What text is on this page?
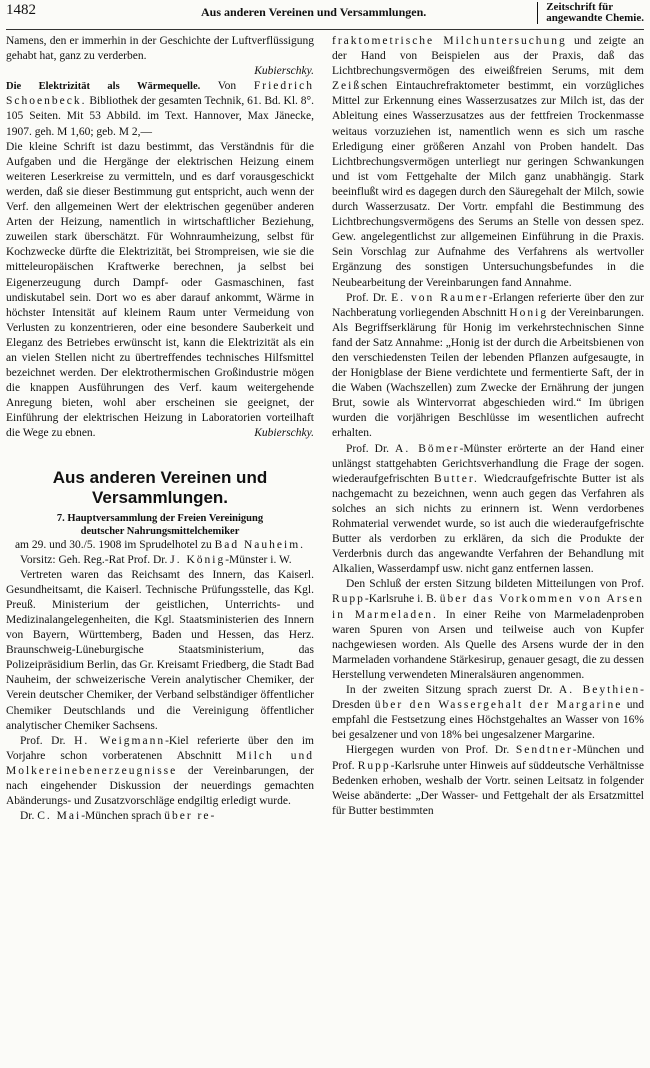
1482	Aus anderen Vereinen und Versammlungen.	Zeitschrift für
angewandte Chemie.

Namens, den er immerhin in der Geschichte der Luftverflüssigung gehabt hat, ganz zu verderben.

Kubierschky.

Die Elektrizität als Wärmequelle. Von Friedrich Schoenbeck. Bibliothek der gesamten Technik, 61. Bd. Kl. 8°. 105 Seiten. Mit 53 Abbild. im Text. Hannover, Max Jänecke, 1907. geh. M 1,60; geb. M 2,—

Die kleine Schrift ist dazu bestimmt, das Verständnis für die Aufgaben und die Hergänge der elektrischen Heizung einem weiteren Leserkreise zu vermitteln, und es darf vorausgeschickt werden, daß sie dieser Bestimmung gut entspricht, auch wenn der Verf. den allgemeinen Wert der elektrischen gegenüber anderen Arten der Heizung, namentlich in wirtschaftlicher Beziehung, zuweilen stark überschätzt. Für Wohnraumheizung, selbst für Kochzwecke dürfte die Elektrizität, bei Strompreisen, wie sie die mitteleuropäischen Kraftwerke berechnen, ja selbst bei Eigenerzeugung durch Dampf- oder Gasmaschinen, fast undiskutabel sein. Dort wo es aber darauf ankommt, Wärme in höchster Intensität auf kleinem Raum unter Vermeidung von Verlusten zu konzentrieren, oder eine besondere Sauberkeit und Eleganz des Betriebes erwünscht ist, kann die Elektrizität als ein an vielen Stellen nicht zu übertreffendes technisches Hilfsmittel bezeichnet werden. Der elektrothermischen Großindustrie mögen die knappen Ausführungen des Verf. kaum weitergehende Anregung bieten, wohl aber erscheinen sie geeignet, der Einführung der elektrischen Heizung in Laboratorien vorteilhaft die Wege zu ebnen.	Kubierschky.

Aus anderen Vereinen und Versammlungen.
7. Hauptversammlung der Freien Vereinigung
deutscher Nahrungsmittelchemiker

am 29. und 30./5. 1908 im Sprudelhotel zu Bad Nauheim.

Vorsitz: Geh. Reg.-Rat Prof. Dr. J. König-Münster i. W.

Vertreten waren das Reichsamt des Innern, das Kaiserl. Gesundheitsamt, die Kaiserl. Technische Prüfungsstelle, das Kgl. Preuß. Ministerium der geistlichen, Unterrichts- und Medizinalangelegenheiten, die Kgl. Staatsministerien des Innern von Bayern, Württemberg, Baden und Hessen, das Herz. Braunschweig-Lüneburgische Staatsministerium, das Polizeipräsidium Berlin, das Gr. Kreisamt Friedberg, die Stadt Bad Nauheim, der schweizerische Verein analytischer Chemiker, der Verein deutscher Chemiker, der Verband selbständiger öffentlicher Chemiker Deutschlands und die Vereinigung öffentlicher analytischer Chemiker Sachsens.

Prof. Dr. H. Weigmann-Kiel referierte über den im Vorjahre schon vorberatenen Abschnitt Milch und Molkereinebenerzeugnisse der Vereinbarungen, der nach eingehender Diskussion der neuerdings gemachten Abänderungs- und Zusatzvorschläge endgiltig erledigt wurde.

Dr. C. Mai-München sprach über re-

fraktometrische Milchuntersuchung und zeigte an der Hand von Beispielen aus der Praxis, daß das Lichtbrechungsvermögen des eiweißfreien Serums, mit dem Zeißschen Eintauchrefraktometer bestimmt, ein vorzügliches Mittel zur Erkennung eines Wasserzusatzes zur Milch ist, das der Ableitung eines Wasserzusatzes aus der fettfreien Trockenmasse weitaus vorzuziehen ist, namentlich wenn es sich um rasche Erledigung einer größeren Anzahl von Proben handelt. Das Lichtbrechungsvermögen unterliegt nur geringen Schwankungen und ist vom Fettgehalte der Milch ganz unabhängig. Stark beeinflußt wird es dagegen durch den Säuregehalt der Milch, sowie durch Wasserzusatz. Der Vortr. empfahl die Bestimmung des Lichtbrechungsvermögens des Serums an Stelle von dessen spez. Gew. angelegentlichst zur allgemeinen Einführung in die Praxis. Sein Vorschlag zur Aufnahme des Verfahrens als wertvoller Ergänzung des sonstigen Untersuchungsbefundes in die Neubearbeitung der Vereinbarungen fand Annahme.

Prof. Dr. E. von Raumer-Erlangen referierte über den zur Nachberatung vorliegenden Abschnitt Honig der Vereinbarungen. Als Begriffserklärung für Honig im verkehrstechnischen Sinne fand der Satz Annahme: „Honig ist der durch die Arbeitsbienen von den verschiedensten Teilen der lebenden Pflanzen aufgesaugte, in der Honigblase der Biene verdichtete und fermentierte Saft, der in die Waben (Wachszellen) zum Zwecke der Ernährung der jungen Brut, sowie als Wintervorrat abgeschieden wird.“ Im übrigen wurden die vorjährigen Beschlüsse im wesentlichen aufrecht erhalten.

Prof. Dr. A. Bömer-Münster erörterte an der Hand einer unlängst stattgehabten Gerichtsverhandlung die Frage der sogen. wiederaufgefrischten Butter. Wiedcraufgefrischte Butter ist als nachgemacht zu bezeichnen, wenn auch gegen das Verfahren als solches an sich nichts zu erinnern ist. Wenn verdorbenes Rohmaterial verwendet wurde, so ist auch die wiederaufgefrischte Butter als verdorben zu erklären, da sich die Produkte der Verderbnis durch das angewandte Verfahren der Behandlung mit Alkalien, Wasserdampf usw. nicht ganz entfernen lassen.

Den Schluß der ersten Sitzung bildeten Mitteilungen von Prof. Rupp-Karlsruhe i. B. über das Vorkommen von Arsen in Marmeladen. In einer Reihe von Marmeladenproben waren Spuren von Arsen und teilweise auch von Kupfer nachgewiesen worden. Als Quelle des Arsens wurde der in den Marmeladen vorhandene Stärkesirup, genauer gesagt, die zu dessen Herstellung verwendeten Mineralsäuren angenommen.

In der zweiten Sitzung sprach zuerst Dr. A. Beythien-Dresden über den Wassergehalt der Margarine und empfahl die Festsetzung eines Höchstgehaltes an Wasser von 16% bei gesalzener und von 18% bei ungesalzener Margarine.

Hiergegen wurden von Prof. Dr. Sendtner-München und Prof. Rupp-Karlsruhe unter Hinweis auf süddeutsche Verhältnisse Bedenken erhoben, weshalb der Vortr. seinen Leitsatz in folgender Weise abänderte: „Der Wasser- und Fettgehalt der als Ersatzmittel für Butter bestimmten
